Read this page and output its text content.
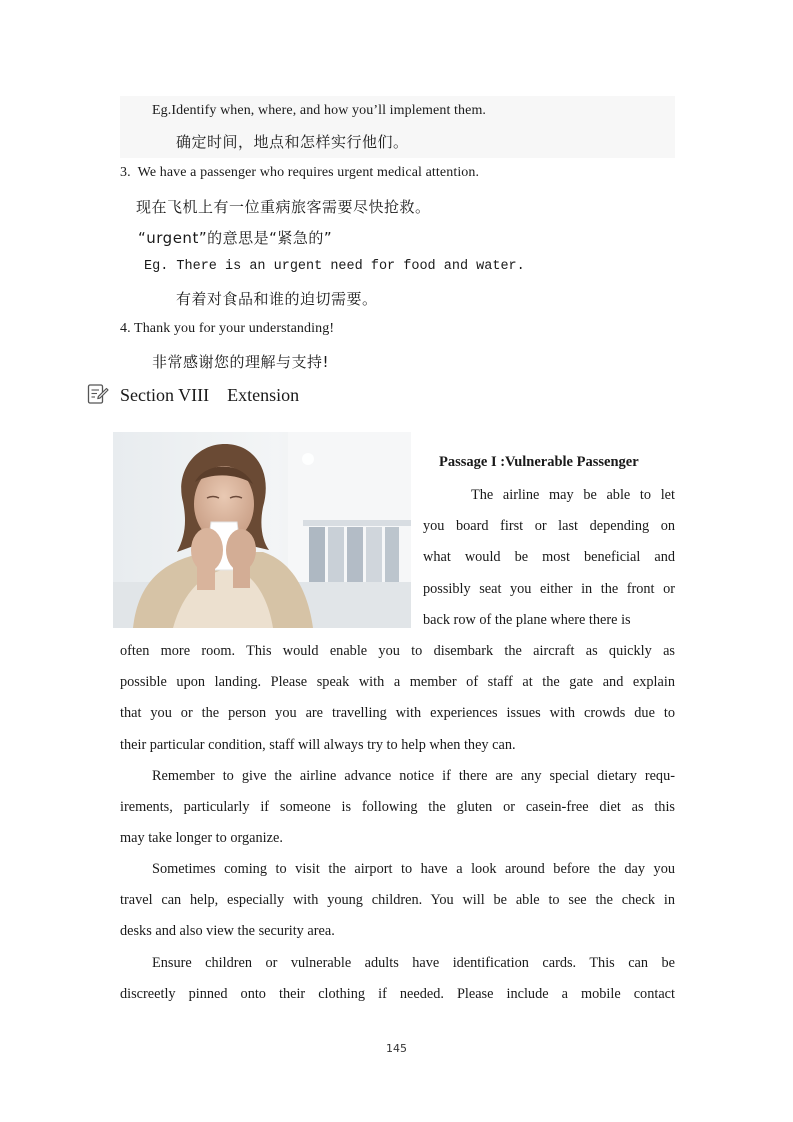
Eg.Identify when, where, and how you’ll implement them.
确定时间，地点和怎样实行他们。
3.  We have a passenger who requires urgent medical attention.
现在飞机上有一位重病旅客需要尽快抢救。
“urgent”的意思是“紧急的”
Eg. There is an urgent need for food and water.
有着对食品和谁的迫切需要。
4. Thank you for your understanding!
非常感谢您的理解与支持!
Section VIII    Extension
Passage I :Vulnerable Passenger
The airline may be able to let
you board first or last depending on
what would be most beneficial and
possibly seat you either in the front or
back row of the plane where there is
often more room. This would enable you to disembark the aircraft as quickly as
possible upon landing. Please speak with a member of staff at the gate and explain
that you or the person you are travelling with experiences issues with crowds due to
their particular condition, staff will always try to help when they can.
Remember to give the airline advance notice if there are any special dietary requ-
irements, particularly if someone is following the gluten or casein-free diet as this
may take longer to organize.
Sometimes coming to visit the airport to have a look around before the day you
travel can help, especially with young children. You will be able to see the check in
desks and also view the security area.
Ensure children or vulnerable adults have identification cards. This can be
discreetly pinned onto their clothing if needed. Please include a mobile contact
145
